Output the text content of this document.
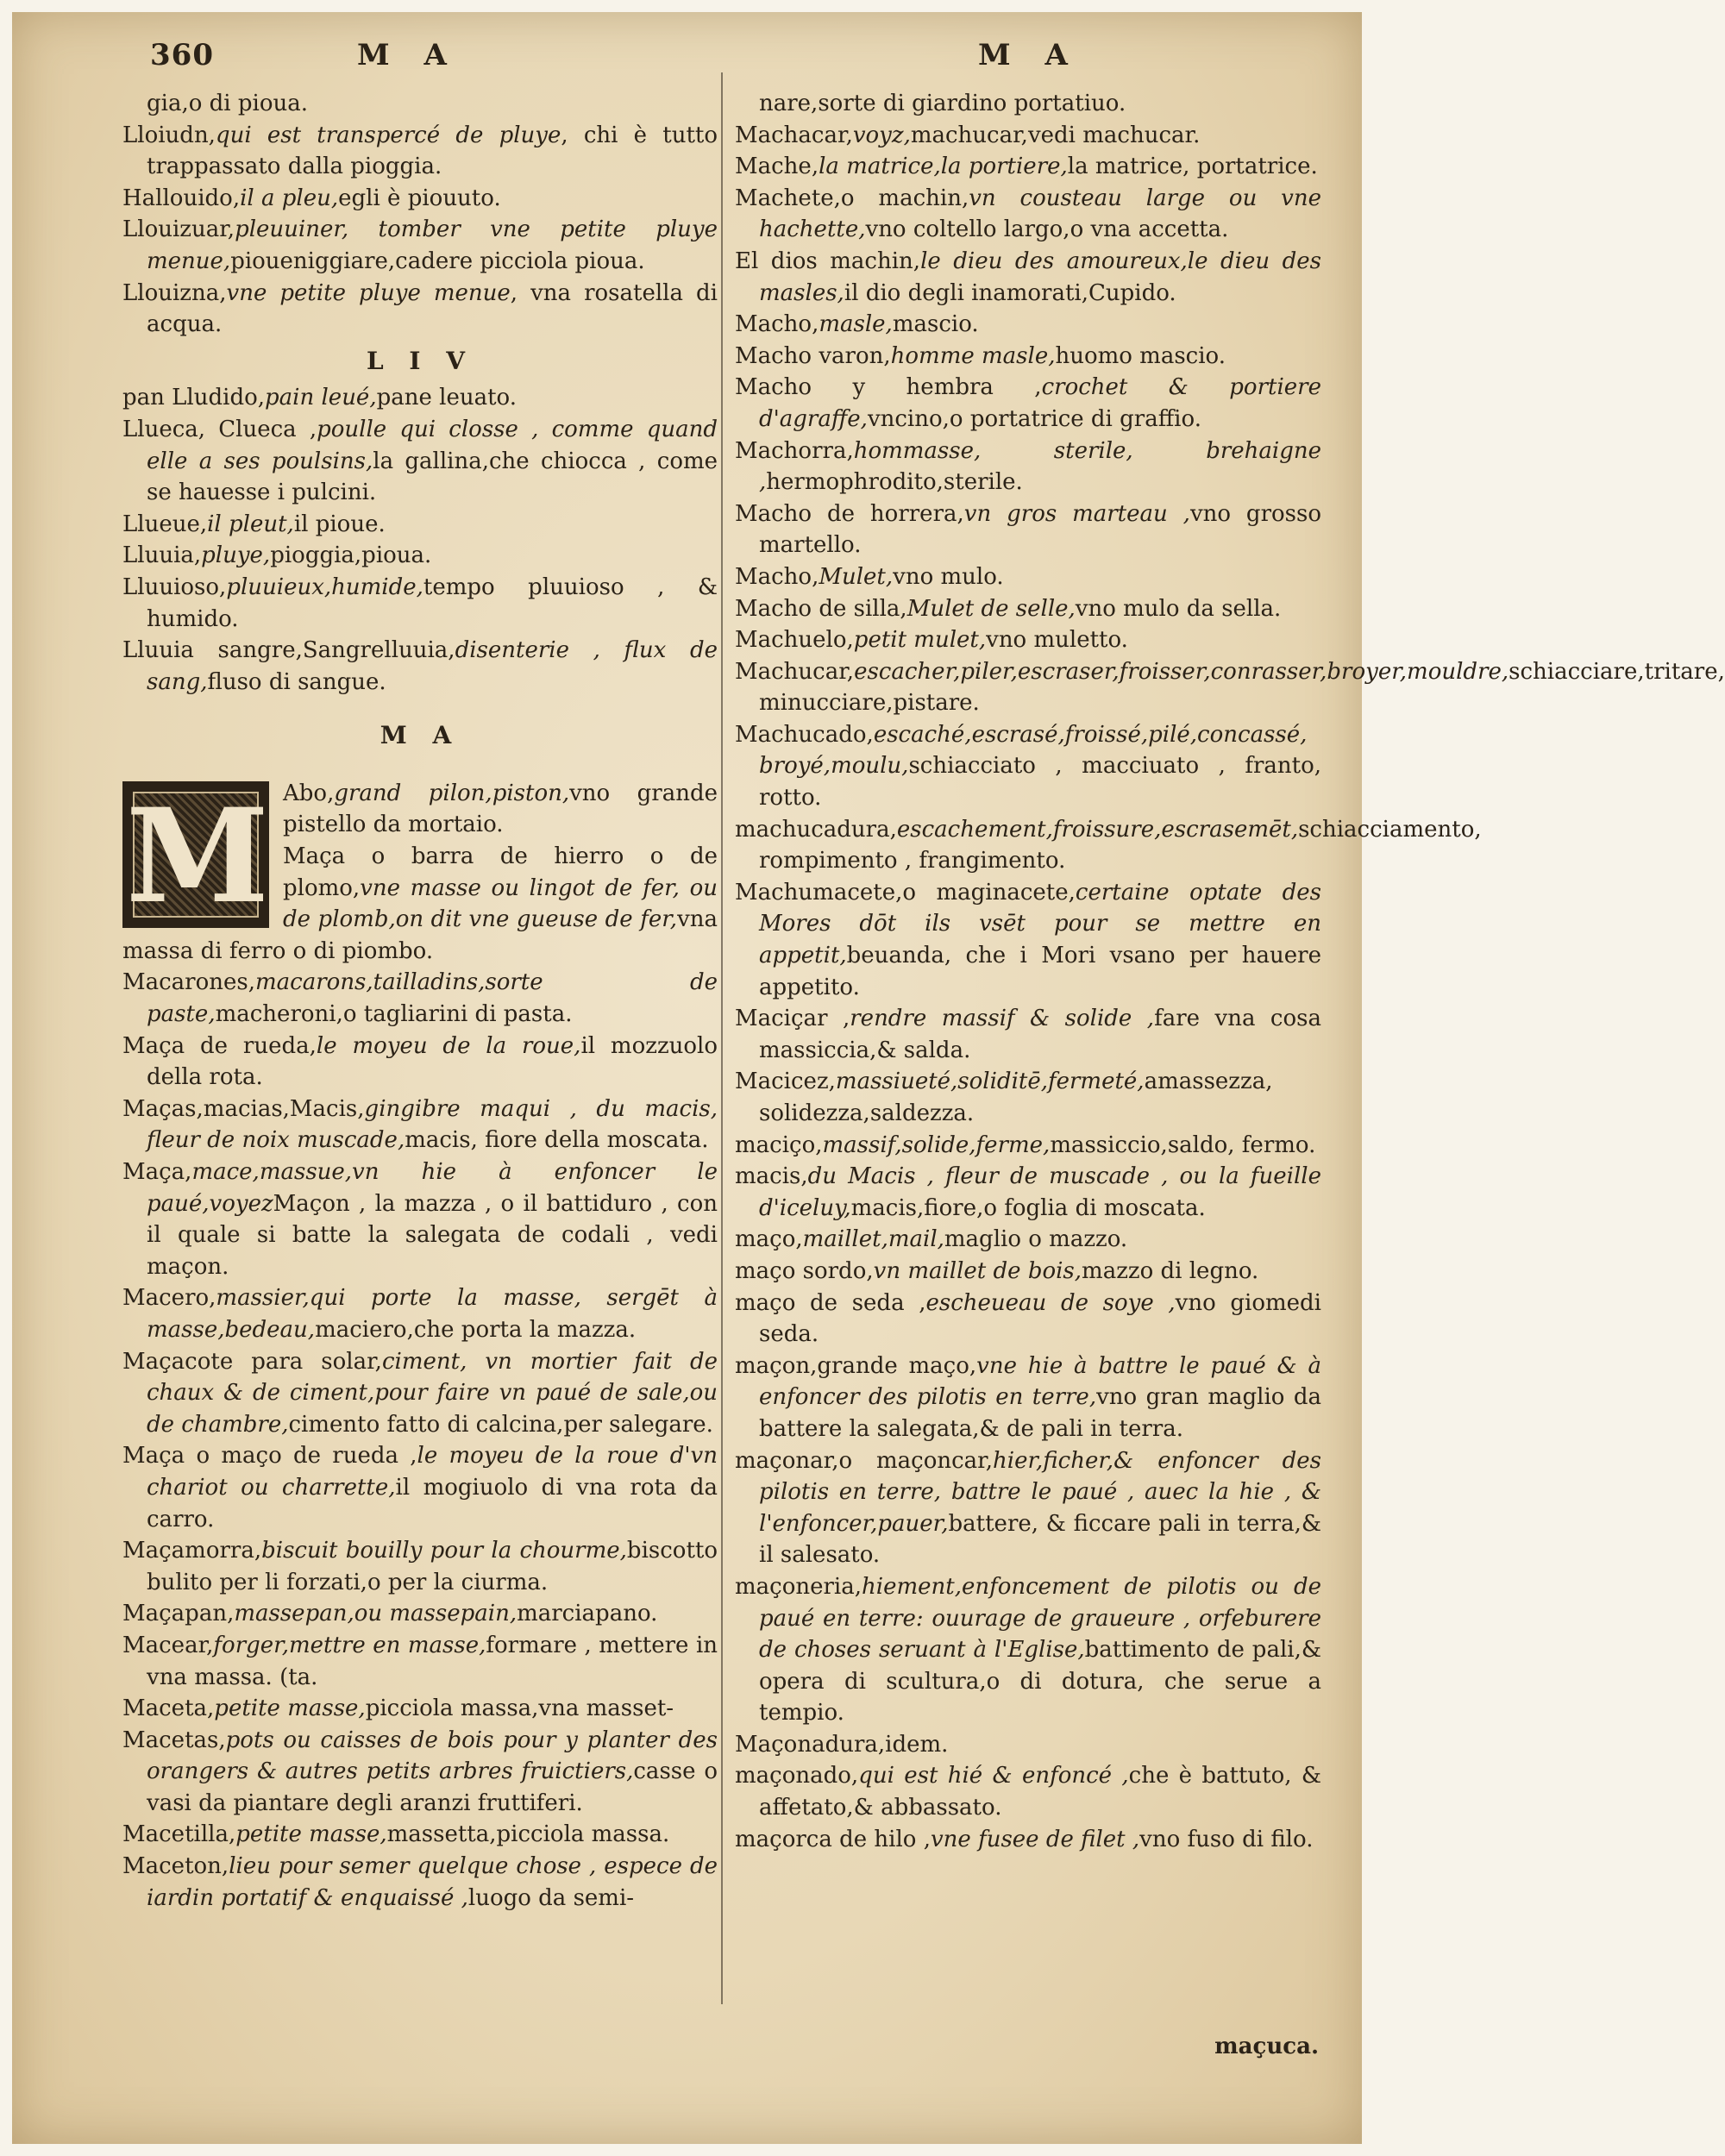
360	M A	M A

gia,o di pioua.

Lloiudn,qui est transpercé de pluye, chi è tutto trappassato dalla pioggia.

Hallouido,il a pleu,egli è piouuto.

Llouizuar,pleuuiner, tomber vne petite pluye menue,pioueniggiare,cadere picciola pioua.

Llouizna,vne petite pluye menue, vna rosatella di acqua.

L I V

pan Lludido,pain leué,pane leuato.

Llueca, Clueca ,poulle qui closse , comme quand elle a ses poulsins,la gallina,che chiocca , come se hauesse i pulcini.

Llueue,il pleut,il pioue.

Lluuia,pluye,pioggia,pioua.

Lluuioso,pluuieux,humide,tempo pluuioso , & humido.

Lluuia sangre,Sangrelluuia,disenterie , flux de sang,fluso di sangue.

M A
M Abo,grand pilon,piston,vno grande pistello da mortaio.

Maça o barra de hierro o de plomo,vne masse ou lingot de fer, ou de plomb,on dit vne gueuse de fer,vna massa di ferro o di piombo.

Macarones,macarons,tailladins,sorte de paste,macheroni,o tagliarini di pasta.

Maça de rueda,le moyeu de la roue,il mozzuolo della rota.

Maças,macias,Macis,gingibre maqui , du macis, fleur de noix muscade,macis, fiore della moscata.

Maça,mace,massue,vn hie à enfoncer le paué,voyezMaçon , la mazza , o il battiduro , con il quale si batte la salegata de codali , vedi maçon.

Macero,massier,qui porte la masse, sergēt à masse,bedeau,maciero,che porta la mazza.

Maçacote para solar,ciment, vn mortier fait de chaux & de ciment,pour faire vn paué de sale,ou de chambre,cimento fatto di calcina,per salegare.

Maça o maço de rueda ,le moyeu de la roue d'vn chariot ou charrette,il mogiuolo di vna rota da carro.

Maçamorra,biscuit bouilly pour la chourme,biscotto bulito per li forzati,o per la ciurma.

Maçapan,massepan,ou massepain,marciapano.

Macear,forger,mettre en masse,formare , mettere in vna massa. (ta.

Maceta,petite masse,picciola massa,vna masset-

Macetas,pots ou caisses de bois pour y planter des orangers & autres petits arbres fruictiers,casse o vasi da piantare degli aranzi fruttiferi.

Macetilla,petite masse,massetta,picciola massa.

Maceton,lieu pour semer quelque chose , espece de iardin portatif & enquaissé ,luogo da semi-

nare,sorte di giardino portatiuo.

Machacar,voyz,machucar,vedi machucar.

Mache,la matrice,la portiere,la matrice, portatrice.

Machete,o machin,vn cousteau large ou vne hachette,vno coltello largo,o vna accetta.

El dios machin,le dieu des amoureux,le dieu des masles,il dio degli inamorati,Cupido.

Macho,masle,mascio.

Macho varon,homme masle,huomo mascio.

Macho y hembra ,crochet & portiere d'agraffe,vncino,o portatrice di graffio.

Machorra,hommasse, sterile, brehaigne ,hermophrodito,sterile.

Macho de horrera,vn gros marteau ,vno grosso martello.

Macho,Mulet,vno mulo.

Macho de silla,Mulet de selle,vno mulo da sella.

Machuelo,petit mulet,vno muletto.

Machucar,escacher,piler,escraser,froisser,conrasser,broyer,mouldre,schiacciare,tritare, minucciare,pistare.

Machucado,escaché,escrasé,froissé,pilé,concassé, broyé,moulu,schiacciato , macciuato , franto, rotto.

machucadura,escachement,froissure,escrasemēt,schiacciamento, rompimento , frangimento.

Machumacete,o maginacete,certaine optate des Mores dōt ils vsēt pour se mettre en appetit,beuanda, che i Mori vsano per hauere appetito.

Maciçar ,rendre massif & solide ,fare vna cosa massiccia,& salda.

Macicez,massiueté,soliditē,fermeté,amassezza, solidezza,saldezza.

maciço,massif,solide,ferme,massiccio,saldo, fermo.

macis,du Macis , fleur de muscade , ou la fueille d'iceluy,macis,fiore,o foglia di moscata.

maço,maillet,mail,maglio o mazzo.

maço sordo,vn maillet de bois,mazzo di legno.

maço de seda ,escheueau de soye ,vno giomedi seda.

maçon,grande maço,vne hie à battre le paué & à enfoncer des pilotis en terre,vno gran maglio da battere la salegata,& de pali in terra.

maçonar,o maçoncar,hier,ficher,& enfoncer des pilotis en terre, battre le paué , auec la hie , & l'enfoncer,pauer,battere, & ficcare pali in terra,& il salesato.

maçoneria,hiement,enfoncement de pilotis ou de paué en terre: ouurage de graueure , orfeburere de choses seruant à l'Eglise,battimento de pali,& opera di scultura,o di dotura, che serue a tempio.

Maçonadura,idem.

maçonado,qui est hié & enfoncé ,che è battuto, & affetato,& abbassato.

maçorca de hilo ,vne fusee de filet ,vno fuso di filo.

maçuca.
